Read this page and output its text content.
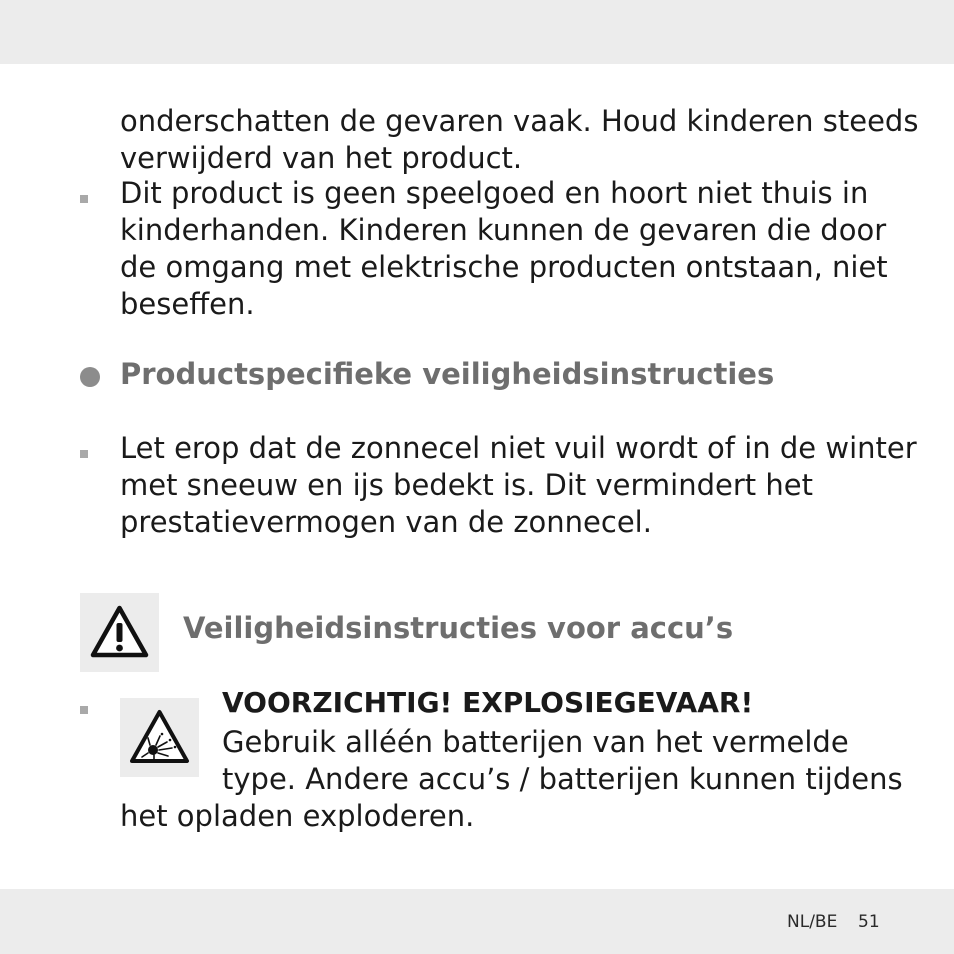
onderschatten de gevaren vaak. Houd kinderen steeds

verwijderd van het product.

Dit product is geen speelgoed en hoort niet thuis in

kinderhanden. Kinderen kunnen de gevaren die door

de omgang met elektrische producten ontstaan, niet

beseffen.

Productspecifieke veiligheidsinstructies

Let erop dat de zonnecel niet vuil wordt of in de winter

met sneeuw en ijs bedekt is. Dit vermindert het

prestatievermogen van de zonnecel.

Veiligheidsinstructies voor accu’s

VOORZICHTIG! EXPLOSIEGEVAAR!

Gebruik alléén batterijen van het vermelde

type. Andere accu’s / batterijen kunnen tijdens

het opladen exploderen.

NL/BE 51
